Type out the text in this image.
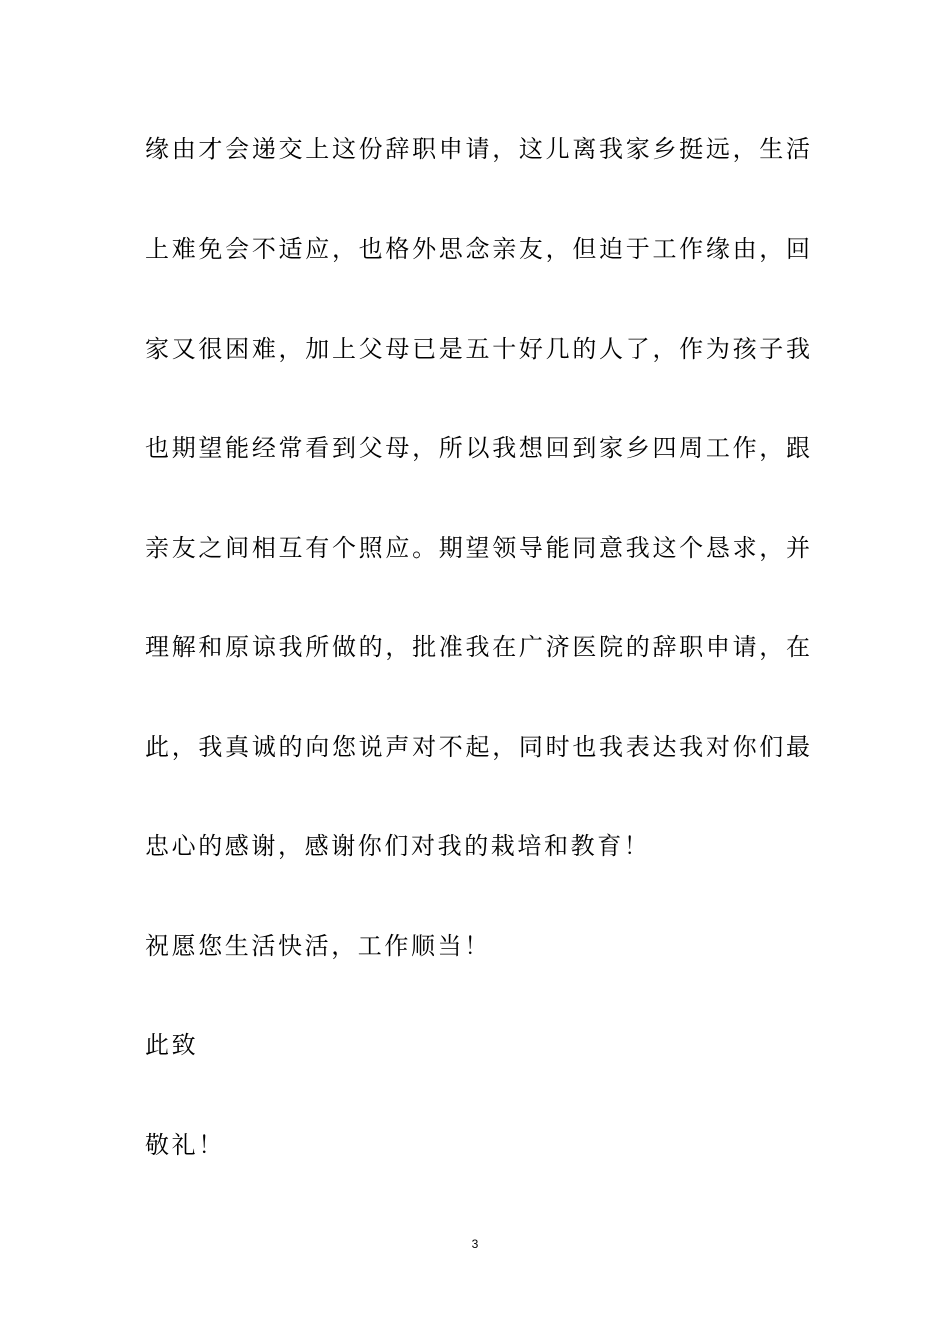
缘由才会递交上这份辞职申请，这儿离我家乡挺远，生活
上难免会不适应，也格外思念亲友，但迫于工作缘由，回
家又很困难，加上父母已是五十好几的人了，作为孩子我
也期望能经常看到父母，所以我想回到家乡四周工作，跟
亲友之间相互有个照应。期望领导能同意我这个恳求，并
理解和原谅我所做的，批准我在广济医院的辞职申请，在
此，我真诚的向您说声对不起，同时也我表达我对你们最
忠心的感谢，感谢你们对我的栽培和教育！
祝愿您生活快活，工作顺当！
此致
敬礼！
3
